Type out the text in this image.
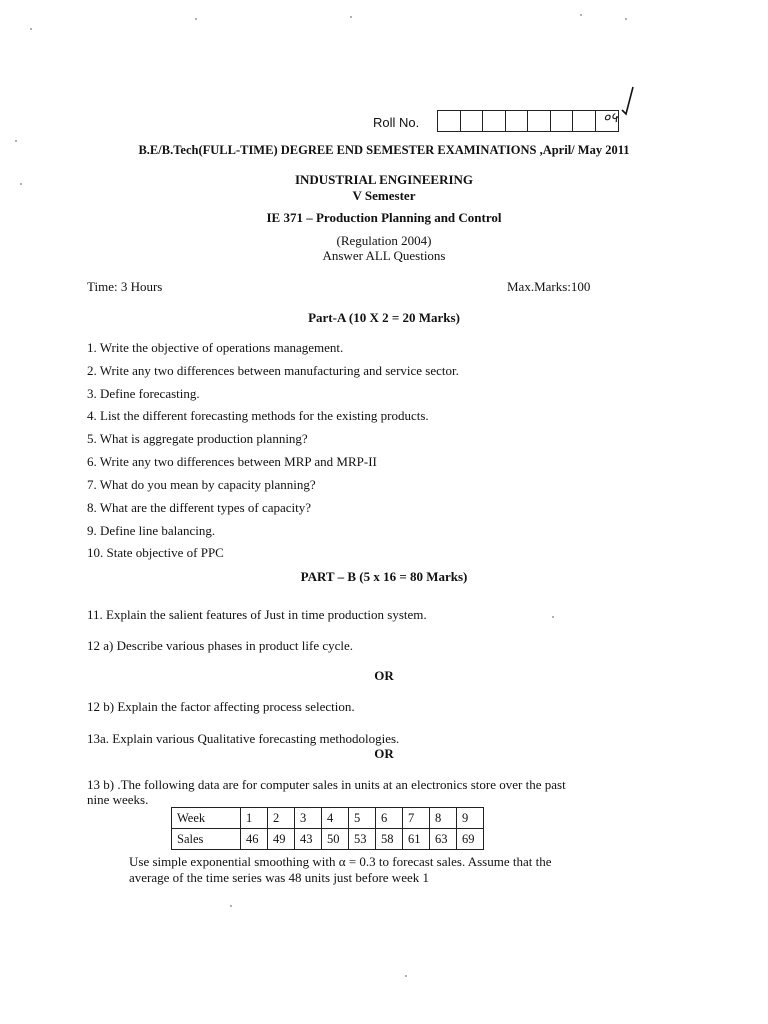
Roll No.	०५
B.E/B.Tech(FULL-TIME) DEGREE END SEMESTER EXAMINATIONS ,April/ May 2011
INDUSTRIAL ENGINEERING
V Semester
IE 371 – Production Planning and Control
(Regulation 2004)
Answer ALL Questions
Time: 3 Hours	Max.Marks:100
Part-A (10 X 2 = 20 Marks)
1. Write the objective of operations management.
2. Write any two differences between manufacturing and service sector.
3. Define forecasting.
4. List the different forecasting methods for the existing products.
5. What is aggregate production planning?
6. Write any two differences between MRP and MRP-II
7. What do you mean by capacity planning?
8. What are the different types of capacity?
9. Define line balancing.
10. State objective of PPC
PART – B (5 x 16 = 80 Marks)
11. Explain the salient features of Just in time production system.
12 a) Describe various phases in product life cycle.
OR
12 b) Explain the factor affecting process selection.
13a. Explain various Qualitative forecasting methodologies.
OR
13 b) .The following data are for computer sales in units at an electronics store over the past
nine weeks.
Week	1	2	3	4	5	6	7	8	9
Sales	46	49	43	50	53	58	61	63	69
Use simple exponential smoothing with α = 0.3 to forecast sales. Assume that the
average of the time series was 48 units just before week 1
